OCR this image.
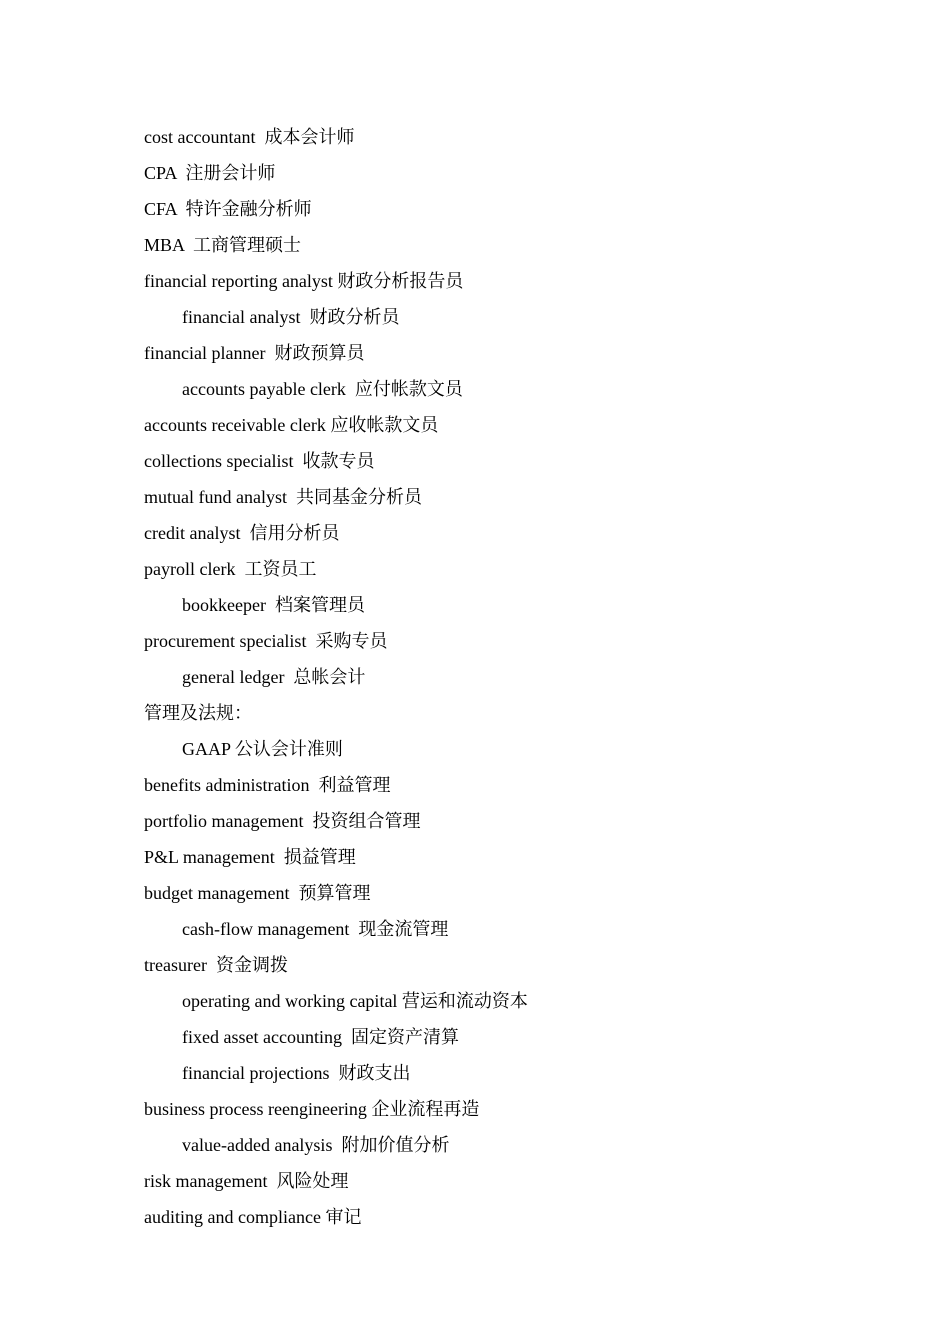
cost accountant  成本会计师
CPA  注册会计师
CFA  特许金融分析师
MBA  工商管理硕士
financial reporting analyst 财政分析报告员
financial analyst  财政分析员
financial planner  财政预算员
accounts payable clerk  应付帐款文员
accounts receivable clerk 应收帐款文员
collections specialist  收款专员
mutual fund analyst  共同基金分析员
credit analyst  信用分析员
payroll clerk  工资员工
bookkeeper  档案管理员
procurement specialist  采购专员
general ledger  总帐会计
管理及法规：
GAAP 公认会计准则
benefits administration  利益管理
portfolio management  投资组合管理
P&L management  损益管理
budget management  预算管理
cash-flow management  现金流管理
treasurer  资金调拨
operating and working capital 营运和流动资本
fixed asset accounting  固定资产清算
financial projections  财政支出
business process reengineering 企业流程再造
value-added analysis  附加价值分析
risk management  风险处理
auditing and compliance 审记
